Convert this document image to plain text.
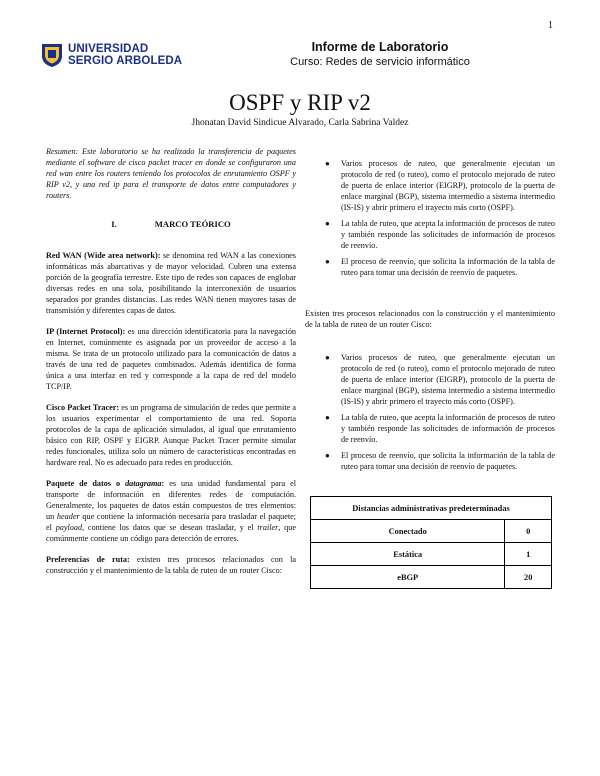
1
UNIVERSIDAD
SERGIO ARBOLEDA
Informe de Laboratorio
Curso: Redes de servicio informático
OSPF y RIP v2
Jhonatan David Sindicue Alvarado, Carla Sabrina Valdez

Resumen: Este laboratorio se ha realizado la transferencia de paquetes mediante el software de cisco packet tracer en donde se configuraron una red wan entre los routers teniendo los protocolos de enrutamiento OSPF y RIP v2, y una red ip para el transporte de datos entre computadores y routers.

I.	MARCO TEÓRICO

Red WAN (Wide area network): se denomina red WAN a las conexiones informáticas más abarcativas y de mayor velocidad. Cubren una extensa porción de la geografía terrestre. Este tipo de redes son capaces de englobar diversas redes en una sola, posibilitando la interconexión de usuarios separados por grandes distancias. Las redes WAN tienen mayores tasas de transmisión y diferentes capas de datos.

IP (Internet Protocol): es una dirección identificatoria para la navegación en Internet, comúnmente es asignada por un proveedor de acceso a la misma. Se trata de un protocolo utilizado para la comunicación de datos a través de una red de paquetes combinados. Además identifica de forma única a una interfaz en red y corresponde a la capa de red del modelo TCP/IP.

Cisco Packet Tracer: es un programa de simulación de redes que permite a los usuarios experimentar el comportamiento de una red. Soporta protocolos de la capa de aplicación simulados, al igual que enrutamiento básico con RIP, OSPF y EIGRP. Aunque Packet Tracer permite simular redes funcionales, utiliza solo un número de características encontradas en hardware real. No es adecuado para redes en producción.

Paquete de datos o datagrama: es una unidad fundamental para el transporte de información en diferentes redes de computación. Generalmente, los paquetes de datos están compuestos de tres elementos: un header que contiene la información necesaria para trasladar el paquete; el payload, contiene los datos que se desean trasladar, y el trailer, que comúnmente contiene un código para detección de errores.

Preferencias de ruta: existen tres procesos relacionados con la construcción y el mantenimiento de la tabla de ruteo de un router Cisco:

● Varios procesos de ruteo, que generalmente ejecutan un protocolo de red (o ruteo), como el protocolo mejorado de ruteo de puerta de enlace interior (EIGRP), protocolo de la puerta de enlace marginal (BGP), sistema intermedio a sistema intermedio (IS-IS) y abrir primero el trayecto más corto (OSPF).
● La tabla de ruteo, que acepta la información de procesos de ruteo y también responde las solicitudes de información de procesos de reenvío.
● El proceso de reenvío, que solicita la información de la tabla de ruteo para tomar una decisión de reenvío de paquetes.

Existen tres procesos relacionados con la construcción y el mantenimiento de la tabla de ruteo de un router Cisco:

● Varios procesos de ruteo, que generalmente ejecutan un protocolo de red (o ruteo), como el protocolo mejorado de ruteo de puerta de enlace interior (EIGRP), protocolo de la puerta de enlace marginal (BGP), sistema intermedio a sistema intermedio (IS-IS) y abrir primero el trayecto más corto (OSPF).
● La tabla de ruteo, que acepta la información de procesos de ruteo y también responde las solicitudes de información de procesos de reenvío.
● El proceso de reenvío, que solicita la información de la tabla de ruteo para tomar una decisión de reenvío de paquetes.
Distancias administrativas predeterminadas	
Conectado	0
Estática	1
eBGP	20
